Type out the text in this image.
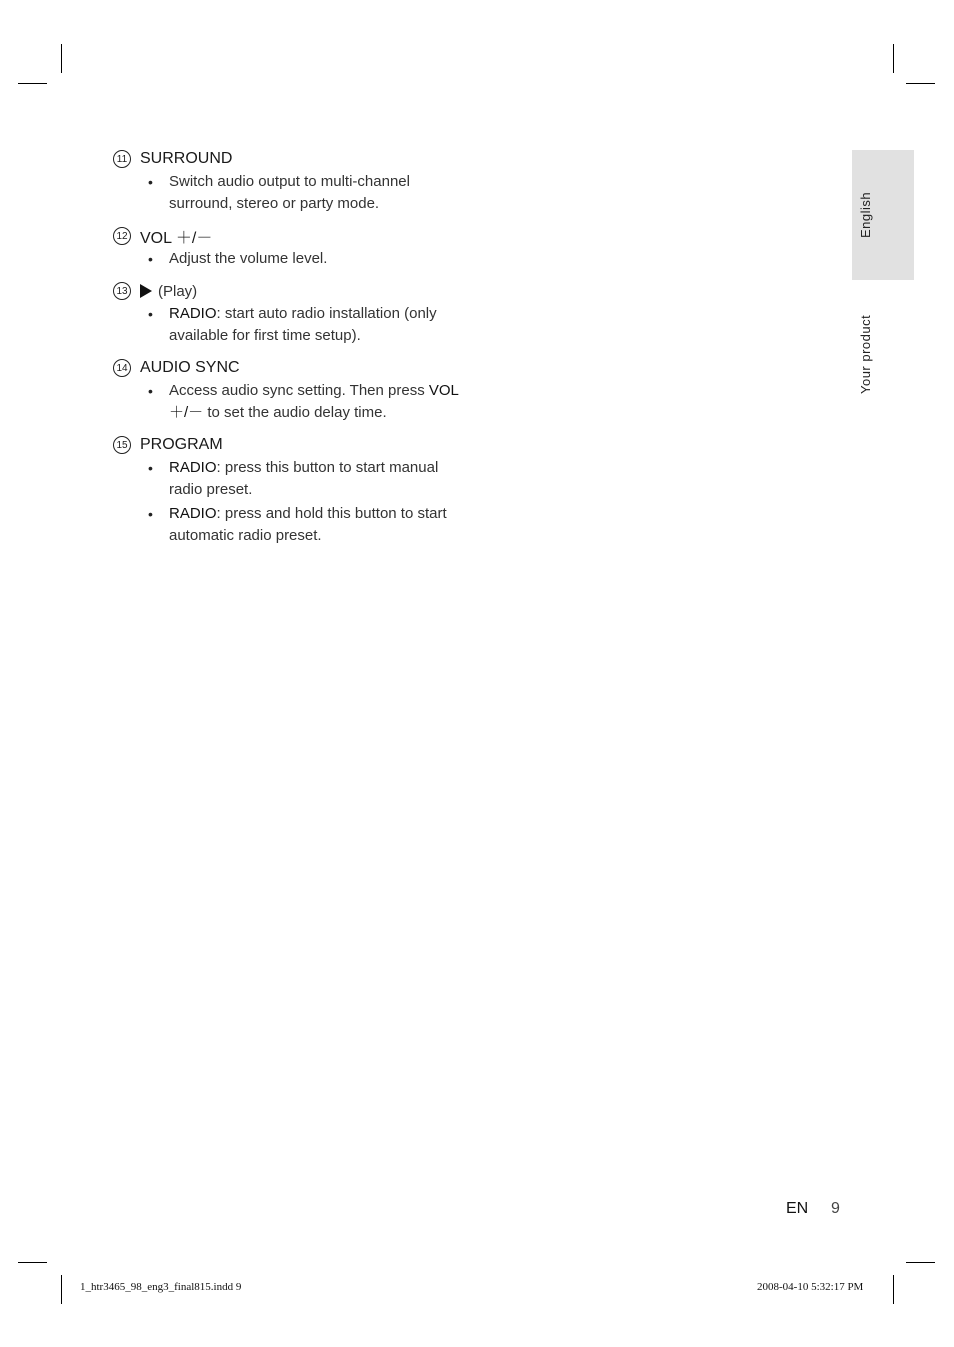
English
Your product
11 SURROUND
• Switch audio output to multi-channel surround, stereo or party mode.
12 VOL ＋/－
• Adjust the volume level.
13 (Play)
• RADIO: start auto radio installation (only available for first time setup).
14 AUDIO SYNC
• Access audio sync setting. Then press VOL ＋/－ to set the audio delay time.
15 PROGRAM
• RADIO: press this button to start manual radio preset.
• RADIO: press and hold this button to start automatic radio preset.
EN 9
1_htr3465_98_eng3_final815.indd 9	2008-04-10 5:32:17 PM
